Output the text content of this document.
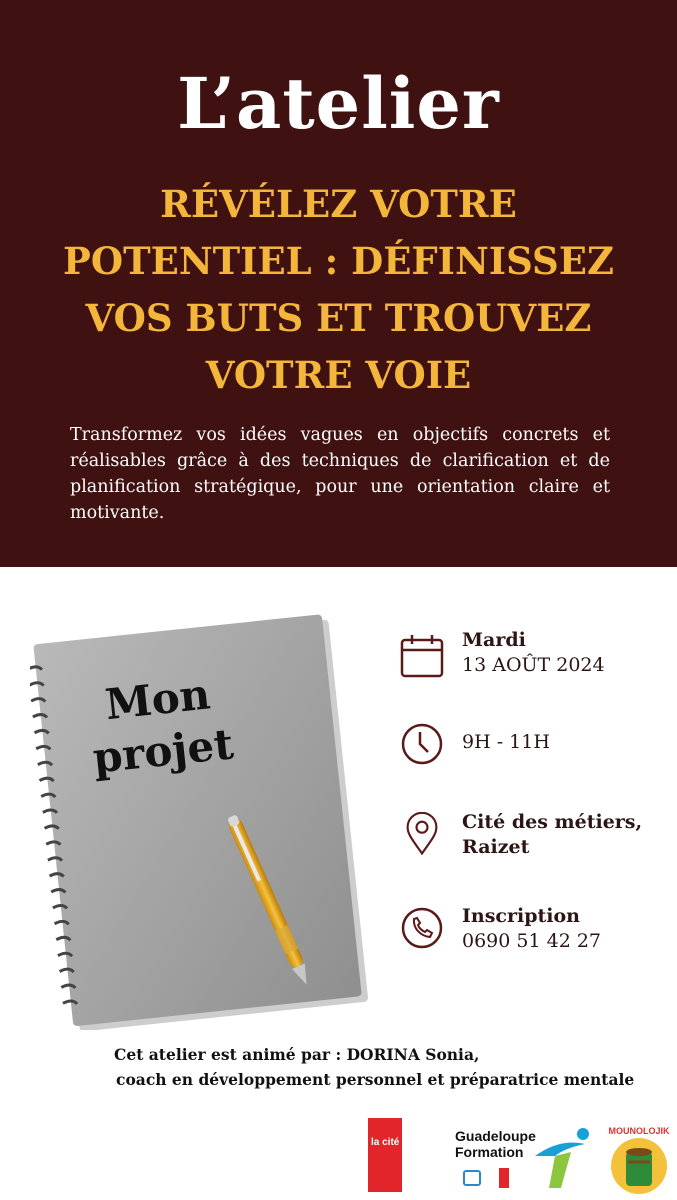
L’atelier
RÉVÉLEZ VOTRE
POTENTIEL : DÉFINISSEZ
VOS BUTS ET TROUVEZ
VOTRE VOIE
Transformez vos idées vagues en objectifs concrets et réalisables grâce à des techniques de clarification et de planification stratégique, pour une orientation claire et motivante.
Mon
projet
Mardi
13 AOÛT 2024
9H - 11H
Cité des métiers,
Raizet
Inscription
0690 51 42 27
Cet atelier est animé par : DORINA Sonia,
coach en développement personnel et préparatrice mentale
la cité	Guadeloupe
Formation
MOUNOLOJIK
